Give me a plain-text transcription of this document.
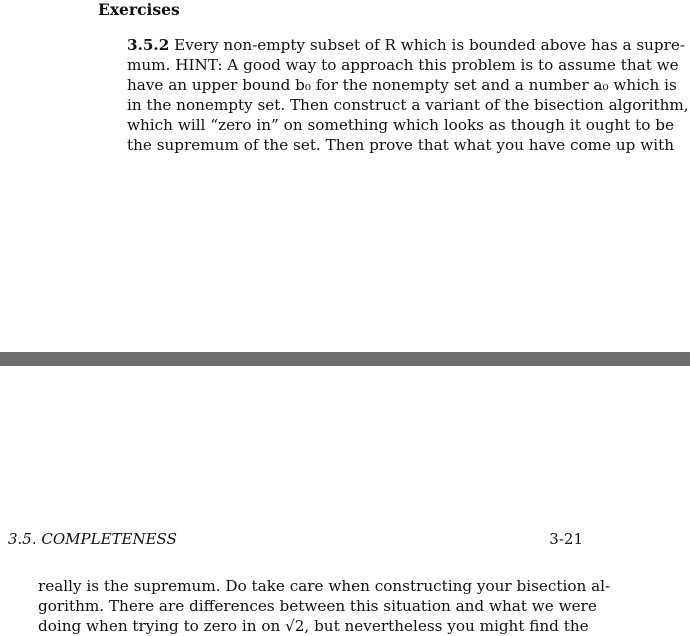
Exercises
3.5.2 Every non-empty subset of R which is bounded above has a supre-
mum. HINT: A good way to approach this problem is to assume that we
have an upper bound b₀ for the nonempty set and a number a₀ which is
in the nonempty set. Then construct a variant of the bisection algorithm,
which will “zero in” on something which looks as though it ought to be
the supremum of the set. Then prove that what you have come up with
3.5. COMPLETENESS	3-21
really is the supremum. Do take care when constructing your bisection al-
gorithm. There are differences between this situation and what we were
doing when trying to zero in on √2, but nevertheless you might find the
